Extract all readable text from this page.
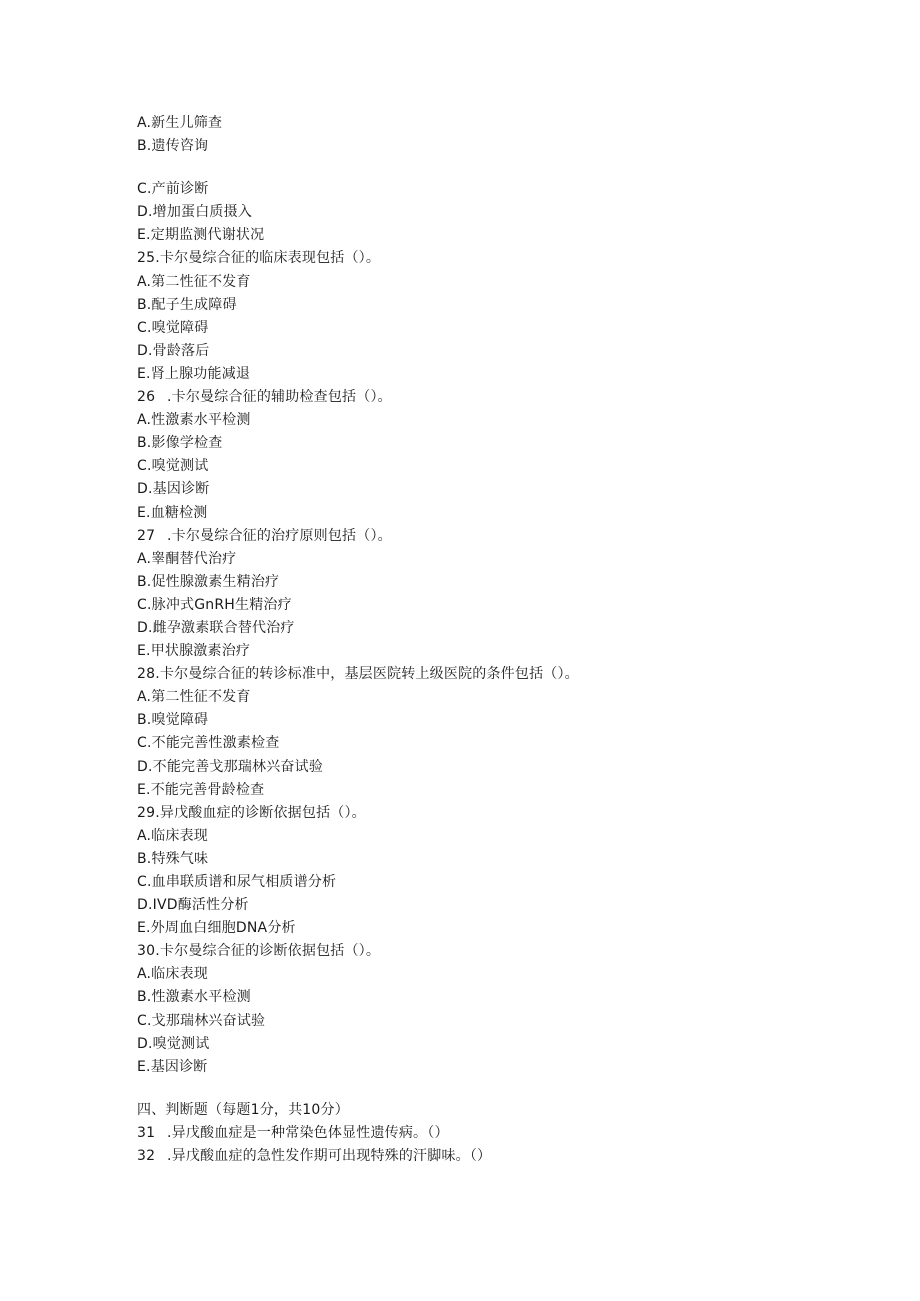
A.新生儿筛查
B.遗传咨询
C.产前诊断
D.增加蛋白质摄入
E.定期监测代谢状况
25.卡尔曼综合征的临床表现包括（）。
A.第二性征不发育
B.配子生成障碍
C.嗅觉障碍
D.骨龄落后
E.肾上腺功能减退
26 .卡尔曼综合征的辅助检查包括（）。
A.性激素水平检测
B.影像学检查
C.嗅觉测试
D.基因诊断
E.血糖检测
27 .卡尔曼综合征的治疗原则包括（）。
A.睾酮替代治疗
B.促性腺激素生精治疗
C.脉冲式GnRH生精治疗
D.雌孕激素联合替代治疗
E.甲状腺激素治疗
28.卡尔曼综合征的转诊标准中，基层医院转上级医院的条件包括（）。
A.第二性征不发育
B.嗅觉障碍
C.不能完善性激素检查
D.不能完善戈那瑞林兴奋试验
E.不能完善骨龄检查
29.异戊酸血症的诊断依据包括（）。
A.临床表现
B.特殊气味
C.血串联质谱和尿气相质谱分析
D.IVD酶活性分析
E.外周血白细胞DNA分析
30.卡尔曼综合征的诊断依据包括（）。
A.临床表现
B.性激素水平检测
C.戈那瑞林兴奋试验
D.嗅觉测试
E.基因诊断
四、判断题（每题1分，共10分）
31 .异戊酸血症是一种常染色体显性遗传病。（）
32 .异戊酸血症的急性发作期可出现特殊的汗脚味。（）
